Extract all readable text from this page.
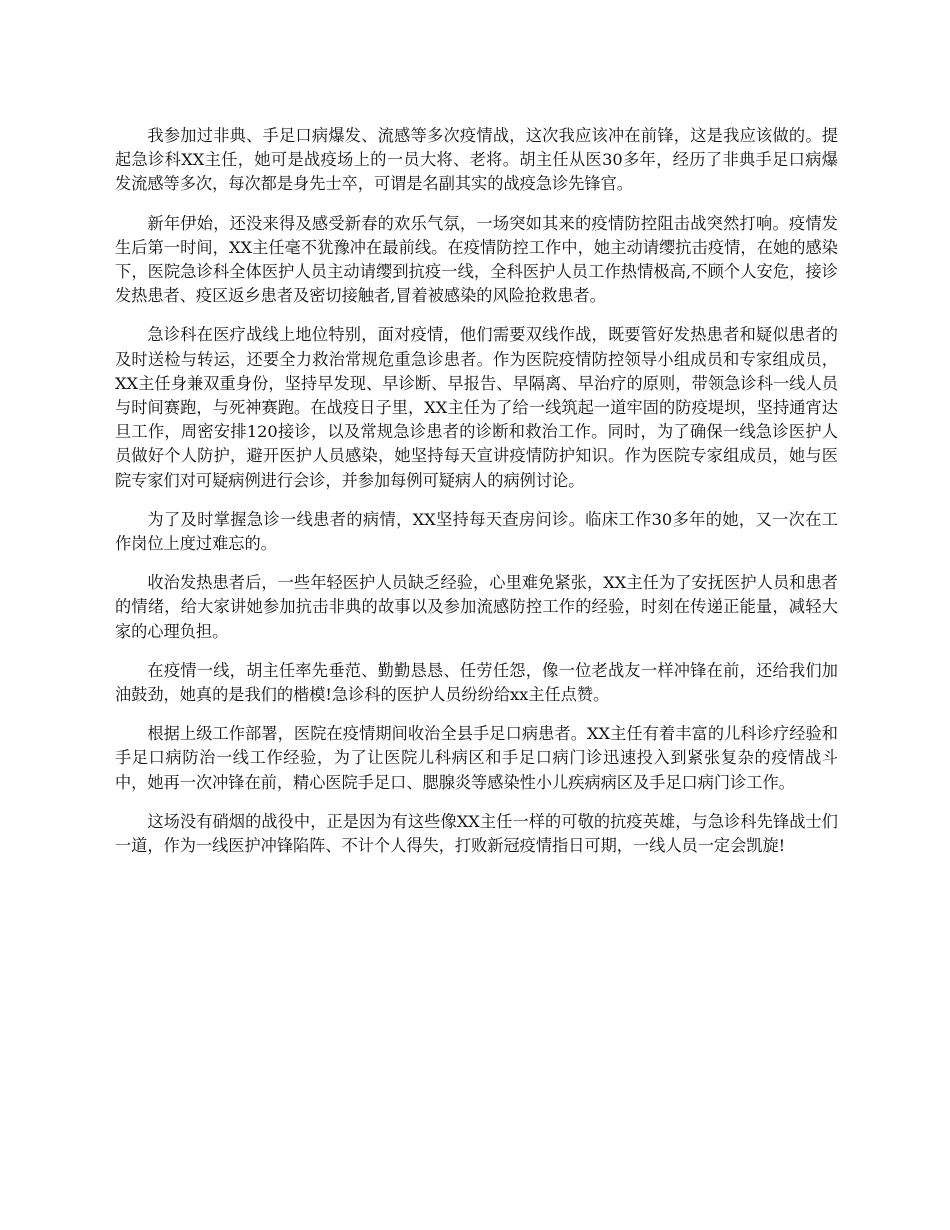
我参加过非典、手足口病爆发、流感等多次疫情战，这次我应该冲在前锋，这是我应该做的。提起急诊科XX主任，她可是战疫场上的一员大将、老将。胡主任从医30多年，经历了非典手足口病爆发流感等多次，每次都是身先士卒，可谓是名副其实的战疫急诊先锋官。

新年伊始，还没来得及感受新春的欢乐气氛，一场突如其来的疫情防控阻击战突然打响。疫情发生后第一时间，XX主任毫不犹豫冲在最前线。在疫情防控工作中，她主动请缨抗击疫情，在她的感染下，医院急诊科全体医护人员主动请缨到抗疫一线，全科医护人员工作热情极高,不顾个人安危，接诊发热患者、疫区返乡患者及密切接触者,冒着被感染的风险抢救患者。

急诊科在医疗战线上地位特别，面对疫情，他们需要双线作战，既要管好发热患者和疑似患者的及时送检与转运，还要全力救治常规危重急诊患者。作为医院疫情防控领导小组成员和专家组成员，XX主任身兼双重身份，坚持早发现、早诊断、早报告、早隔离、早治疗的原则，带领急诊科一线人员与时间赛跑，与死神赛跑。在战疫日子里，XX主任为了给一线筑起一道牢固的防疫堤坝，坚持通宵达旦工作，周密安排120接诊，以及常规急诊患者的诊断和救治工作。同时，为了确保一线急诊医护人员做好个人防护，避开医护人员感染，她坚持每天宣讲疫情防护知识。作为医院专家组成员，她与医院专家们对可疑病例进行会诊，并参加每例可疑病人的病例讨论。

为了及时掌握急诊一线患者的病情，XX坚持每天查房问诊。临床工作30多年的她，又一次在工作岗位上度过难忘的。

收治发热患者后，一些年轻医护人员缺乏经验，心里难免紧张，XX主任为了安抚医护人员和患者的情绪，给大家讲她参加抗击非典的故事以及参加流感防控工作的经验，时刻在传递正能量，减轻大家的心理负担。

在疫情一线，胡主任率先垂范、勤勤恳恳、任劳任怨，像一位老战友一样冲锋在前，还给我们加油鼓劲，她真的是我们的楷模!急诊科的医护人员纷纷给xx主任点赞。

根据上级工作部署，医院在疫情期间收治全县手足口病患者。XX主任有着丰富的儿科诊疗经验和手足口病防治一线工作经验，为了让医院儿科病区和手足口病门诊迅速投入到紧张复杂的疫情战斗中，她再一次冲锋在前，精心医院手足口、腮腺炎等感染性小儿疾病病区及手足口病门诊工作。

这场没有硝烟的战役中，正是因为有这些像XX主任一样的可敬的抗疫英雄，与急诊科先锋战士们一道，作为一线医护冲锋陷阵、不计个人得失，打败新冠疫情指日可期，一线人员一定会凯旋!
